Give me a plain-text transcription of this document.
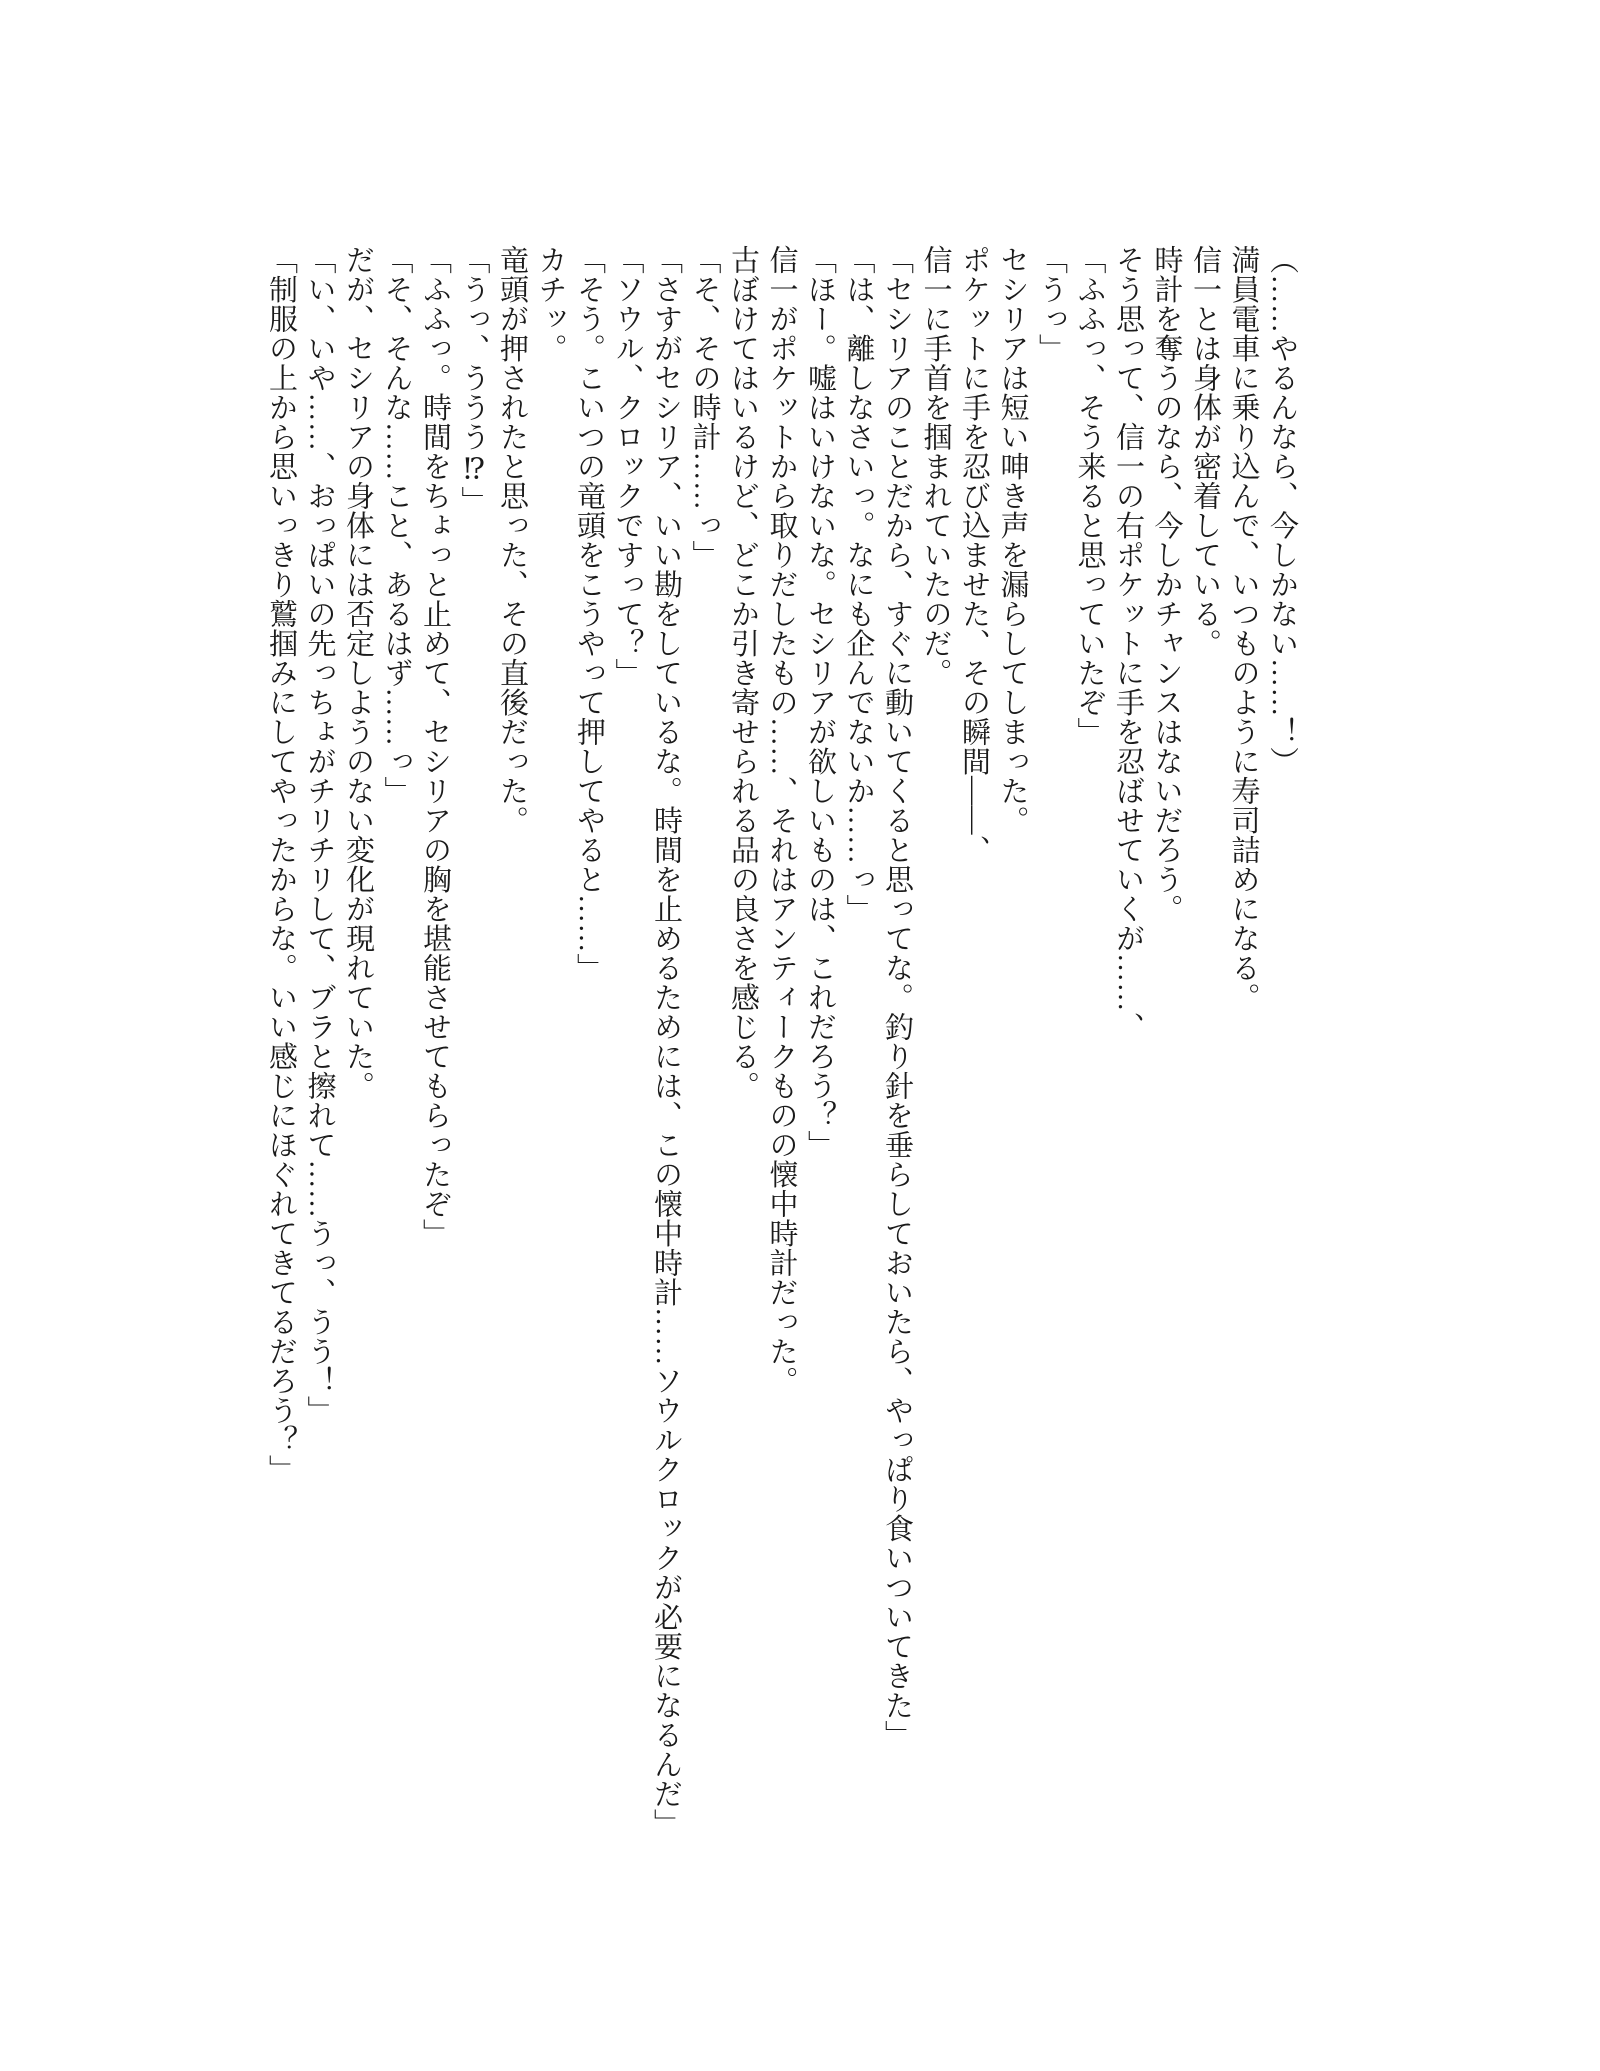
（……やるんなら、今しかない……！）

満員電車に乗り込んで、いつものように寿司詰めになる。

信一とは身体が密着している。

時計を奪うのなら、今しかチャンスはないだろう。

そう思って、信一の右ポケットに手を忍ばせていくが……、

「ふふっ、そう来ると思っていたぞ」

「うっ」

セシリアは短い呻き声を漏らしてしまった。

ポケットに手を忍び込ませた、その瞬間――、

信一に手首を掴まれていたのだ。

「セシリアのことだから、すぐに動いてくると思ってな。釣り針を垂らしておいたら、やっぱり食いついてきた」

「は、離しなさいっ。なにも企んでないか……っ」

「ほー。嘘はいけないな。セシリアが欲しいものは、これだろう？」

信一がポケットから取りだしたもの……、それはアンティークものの懐中時計だった。

古ぼけてはいるけど、どこか引き寄せられる品の良さを感じる。

「そ、その時計……っ」

「さすがセシリア、いい勘をしているな。時間を止めるためには、この懐中時計……ソウルクロックが必要になるんだ」

「ソウル、クロックですって？」

「そう。こいつの竜頭をこうやって押してやると……」

カチッ。

竜頭が押されたと思った、その直後だった。

「うっ、ううう⁉」

「ふふっ。時間をちょっと止めて、セシリアの胸を堪能させてもらったぞ」

「そ、そんな……こと、あるはず……っ」

だが、セシリアの身体には否定しようのない変化が現れていた。

「い、いや……、おっぱいの先っちょがチリチリして、ブラと擦れて……うっ、うう！」

「制服の上から思いっきり鷲掴みにしてやったからな。いい感じにほぐれてきてるだろう？」
